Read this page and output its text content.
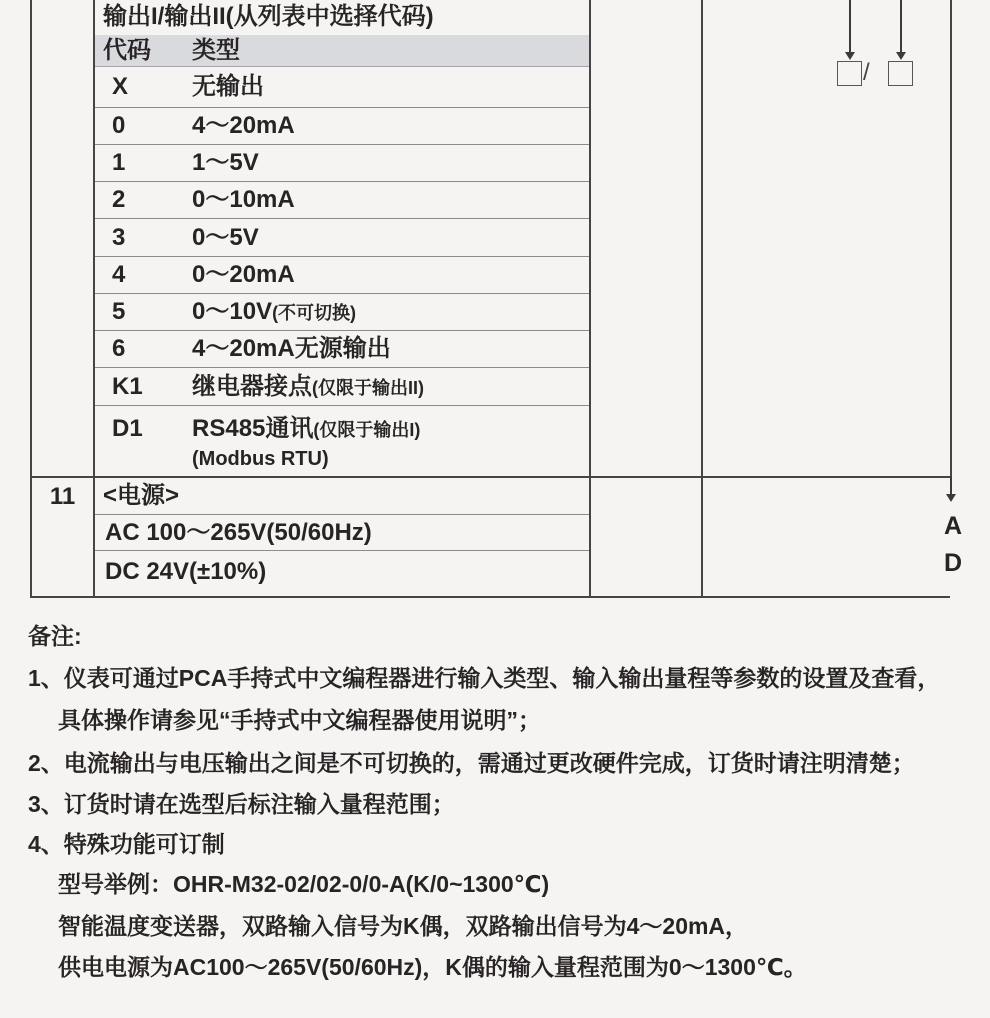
输出I/输出II(从列表中选择代码)
代码	类型
X	无输出
0	4～20mA
1	1～5V
2	0～10mA
3	0～5V
4	0～20mA
5	0～10V(不可切换)
6	4～20mA无源输出
K1	继电器接点(仅限于输出II)
D1	RS485通讯(仅限于输出I)
(Modbus RTU)
/
11	<电源>
AC 100～265V(50/60Hz)
DC 24V(±10%)
A
D
备注:
1、仪表可通过PCA手持式中文编程器进行输入类型、输入输出量程等参数的设置及查看，
具体操作请参见“手持式中文编程器使用说明”；
2、电流输出与电压输出之间是不可切换的，需通过更改硬件完成，订货时请注明清楚；
3、订货时请在选型后标注输入量程范围；
4、特殊功能可订制
型号举例：OHR-M32-02/02-0/0-A(K/0~1300℃)
智能温度变送器，双路输入信号为K偶，双路输出信号为4～20mA，
供电电源为AC100～265V(50/60Hz)，K偶的输入量程范围为0～1300℃。
